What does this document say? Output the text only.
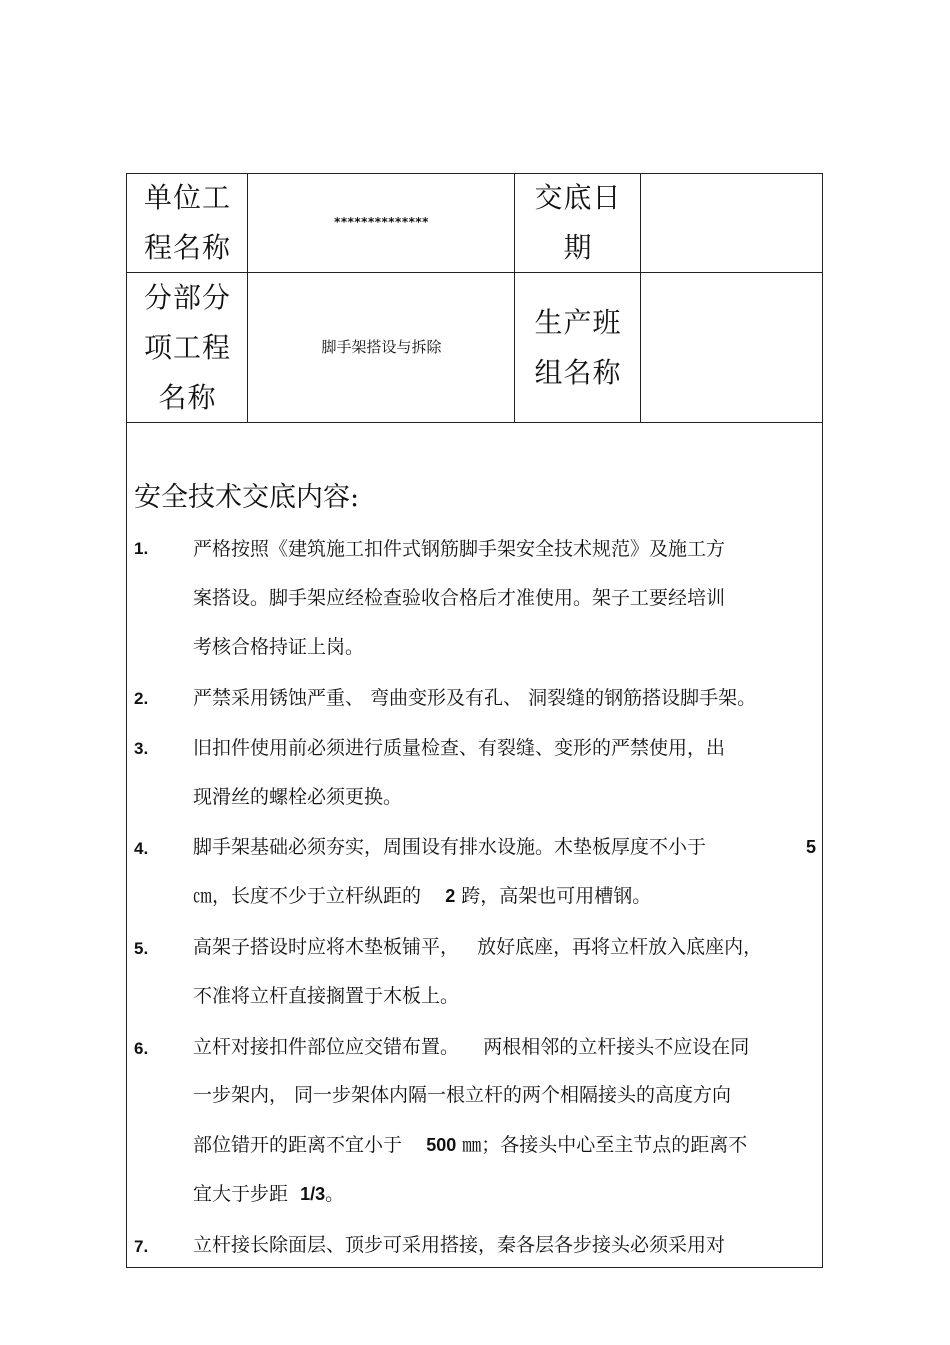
单位工
程名称
**************
交底日
期
分部分
项工程
名称
脚手架搭设与拆除
生产班
组名称
安全技术交底内容:
1. 严格按照《建筑施工扣件式钢筋脚手架安全技术规范》及施工方
案搭设。脚手架应经检查验收合格后才准使用。架子工要经培训
考核合格持证上岗。
2. 严禁采用锈蚀严重、 弯曲变形及有孔、 洞裂缝的钢筋搭设脚手架。
3. 旧扣件使用前必须进行质量检查、有裂缝、变形的严禁使用，出
现滑丝的螺栓必须更换。
4. 脚手架基础必须夯实，周围设有排水设施。木垫板厚度不小于	5
㎝，长度不少于立杆纵距的 2 跨，高架也可用槽钢。
5. 高架子搭设时应将木垫板铺平， 放好底座，再将立杆放入底座内，
不准将立杆直接搁置于木板上。
6. 立杆对接扣件部位应交错布置。 两根相邻的立杆接头不应设在同
一步架内， 同一步架体内隔一根立杆的两个相隔接头的高度方向
部位错开的距离不宜小于 500 ㎜；各接头中心至主节点的距离不
宜大于步距 1/3。
7. 立杆接长除面层、顶步可采用搭接，秦各层各步接头必须采用对
